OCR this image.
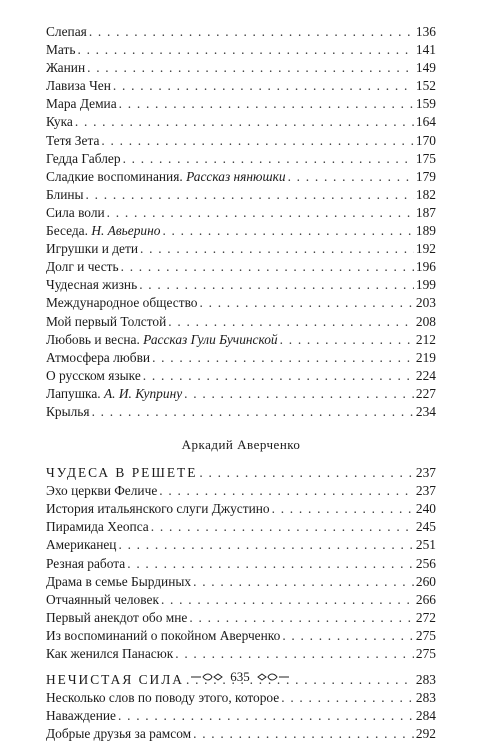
Слепая . . .	136
Мать . . .	141
Жанин . . .	149
Лавиза Чен . . .	152
Мара Демиа . . .	159
Кука . . .	164
Тетя Зета . . .	170
Гедда Габлер . . .	175
Сладкие воспоминания. Рассказ нянюшки . . .	179
Блины . . .	182
Сила воли . . .	187
Беседа. Н. Авьерино . . .	189
Игрушки и дети . . .	192
Долг и честь . . .	196
Чудесная жизнь . . .	199
Международное общество . . .	203
Мой первый Толстой . . .	208
Любовь и весна. Рассказ Гули Бучинской . . .	212
Атмосфера любви . . .	219
О русском языке . . .	224
Лапушка. А. И. Куприну . . .	227
Крылья . . .	234
Аркадий Аверченко
ЧУДЕСА В РЕШЕТЕ . . .	237
Эхо церкви Феличе . . .	237
История итальянского слуги Джустино . . .	240
Пирамида Хеопса . . .	245
Американец . . .	251
Резная работа . . .	256
Драма в семье Бырдиных . . .	260
Отчаянный человек . . .	266
Первый анекдот обо мне . . .	272
Из воспоминаний о покойном Аверченко . . .	275
Как женился Панасюк . . .	275
НЕЧИСТАЯ СИЛА . . .	283
Несколько слов по поводу этого, которое . . .	283
Наваждение . . .	284
Добрые друзья за рамсом . . .	292
635
